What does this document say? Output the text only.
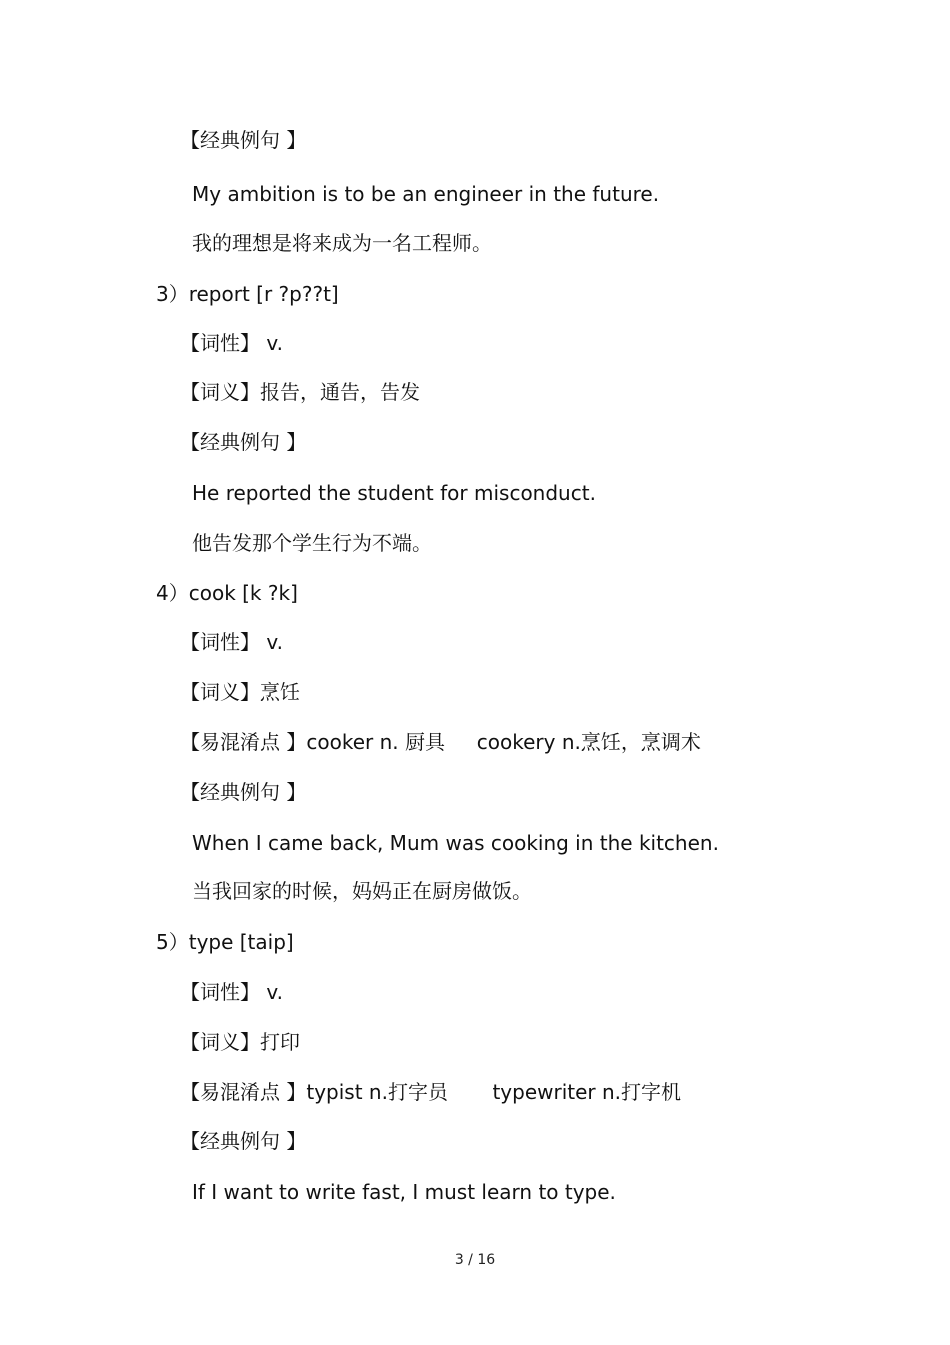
【经典例句 】
My ambition is to be an engineer in the future.
我的理想是将来成为一名工程师。
3）report [r ?p??t]
【词性】 v.
【词义】报告，通告，告发
【经典例句 】
He reported the student for misconduct.
他告发那个学生行为不端。
4）cook [k ?k]
【词性】 v.
【词义】烹饪
【易混淆点 】cooker n. 厨具     cookery n.烹饪，烹调术
【经典例句 】
When I came back, Mum was cooking in the kitchen.
当我回家的时候，妈妈正在厨房做饭。
5）type [taip]
【词性】 v.
【词义】打印
【易混淆点 】typist n.打字员       typewriter n.打字机
【经典例句 】
If I want to write fast, I must learn to type.
3 / 16
